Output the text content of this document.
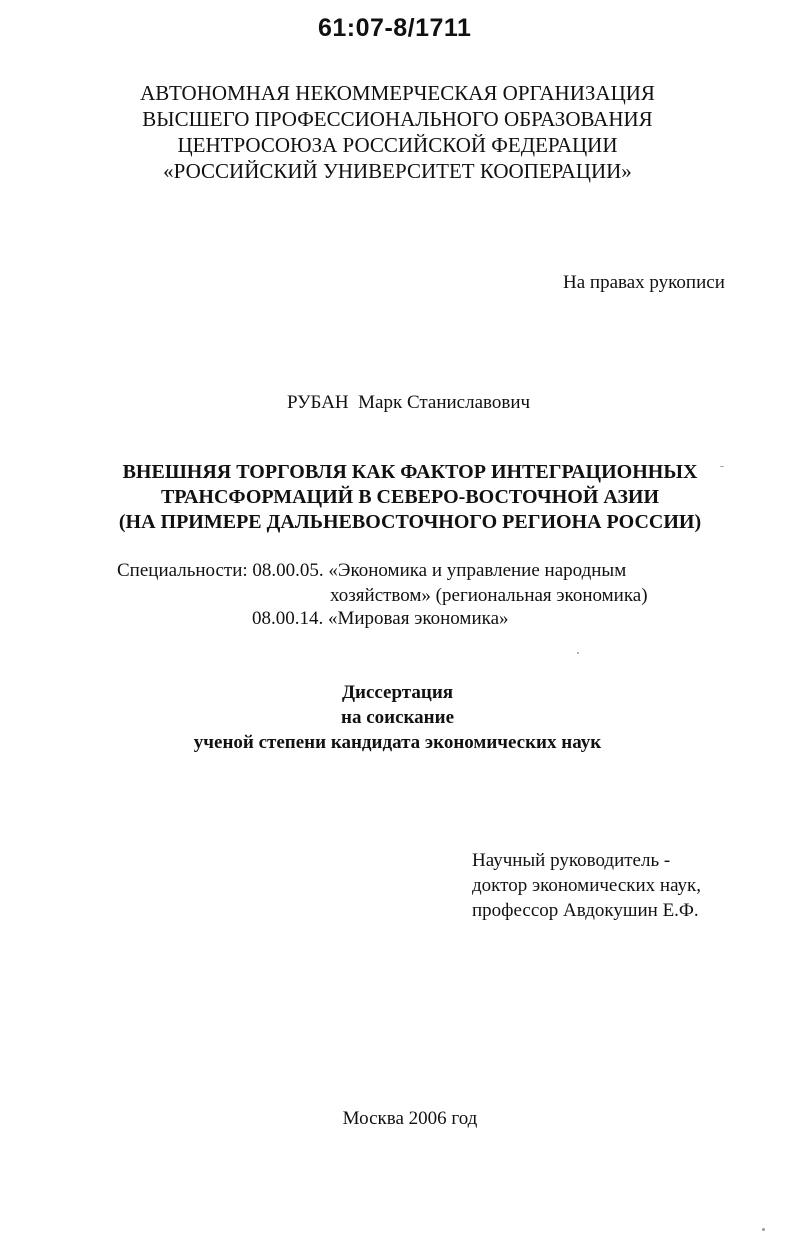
61:07-8/1711
АВТОНОМНАЯ НЕКОММЕРЧЕСКАЯ ОРГАНИЗАЦИЯ
ВЫСШЕГО ПРОФЕССИОНАЛЬНОГО ОБРАЗОВАНИЯ
ЦЕНТРОСОЮЗА РОССИЙСКОЙ ФЕДЕРАЦИИ
«РОССИЙСКИЙ УНИВЕРСИТЕТ КООПЕРАЦИИ»
На правах рукописи
РУБАН  Марк Станиславович
ВНЕШНЯЯ ТОРГОВЛЯ КАК ФАКТОР ИНТЕГРАЦИОННЫХ
ТРАНСФОРМАЦИЙ В СЕВЕРО-ВОСТОЧНОЙ АЗИИ
(НА ПРИМЕРЕ ДАЛЬНЕВОСТОЧНОГО РЕГИОНА РОССИИ)
Специальности: 08.00.05. «Экономика и управление народным
хозяйством» (региональная экономика)
08.00.14. «Мировая экономика»
Диссертация
на соискание
ученой степени кандидата экономических наук
Научный руководитель -
доктор экономических наук,
профессор Авдокушин Е.Ф.
Москва 2006 год
